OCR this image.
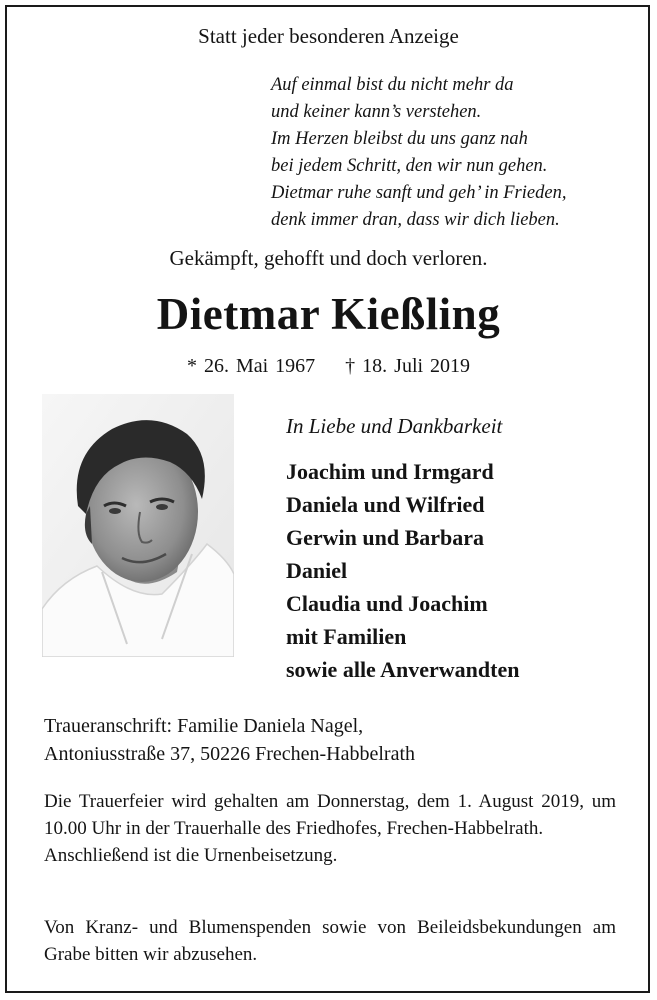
Statt jeder besonderen Anzeige
Auf einmal bist du nicht mehr da
und keiner kann’s verstehen.
Im Herzen bleibst du uns ganz nah
bei jedem Schritt, den wir nun gehen.
Dietmar ruhe sanft und geh’ in Frieden,
denk immer dran, dass wir dich lieben.
Gekämpft, gehofft und doch verloren.
Dietmar Kießling
* 26. Mai 1967 † 18. Juli 2019
In Liebe und Dankbarkeit
Joachim und Irmgard
Daniela und Wilfried
Gerwin und Barbara
Daniel
Claudia und Joachim
mit Familien
sowie alle Anverwandten
Traueranschrift: Familie Daniela Nagel,
Antoniusstraße 37, 50226 Frechen-Habbelrath

Die Trauerfeier wird gehalten am Donnerstag, dem 1. August 2019, um 10.00 Uhr in der Trauerhalle des Friedhofes, Frechen-Habbelrath.

Anschließend ist die Urnenbeisetzung.

Von Kranz- und Blumenspenden sowie von Beileidsbekundungen am Grabe bitten wir abzusehen.
